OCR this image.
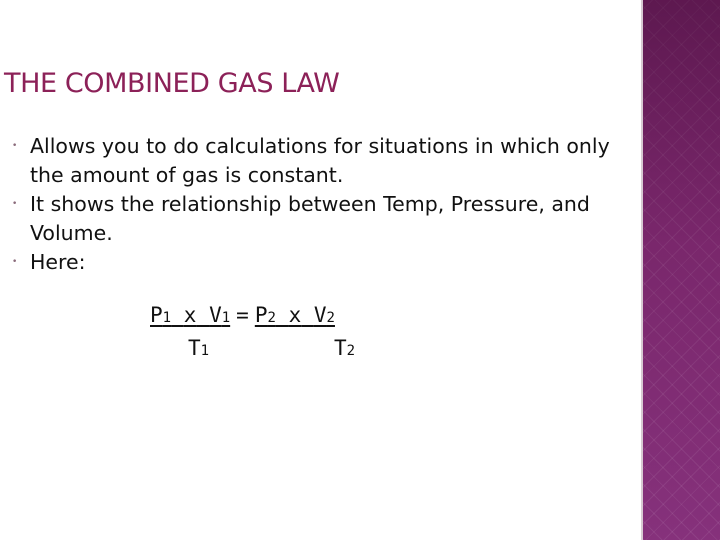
THE COMBINED GAS LAW
• Allows you to do calculations for situations in which only the amount of gas is constant.
• It shows the relationship between Temp, Pressure, and Volume.
• Here:
P1 x V1 = P2 x V2

T1

	T2
